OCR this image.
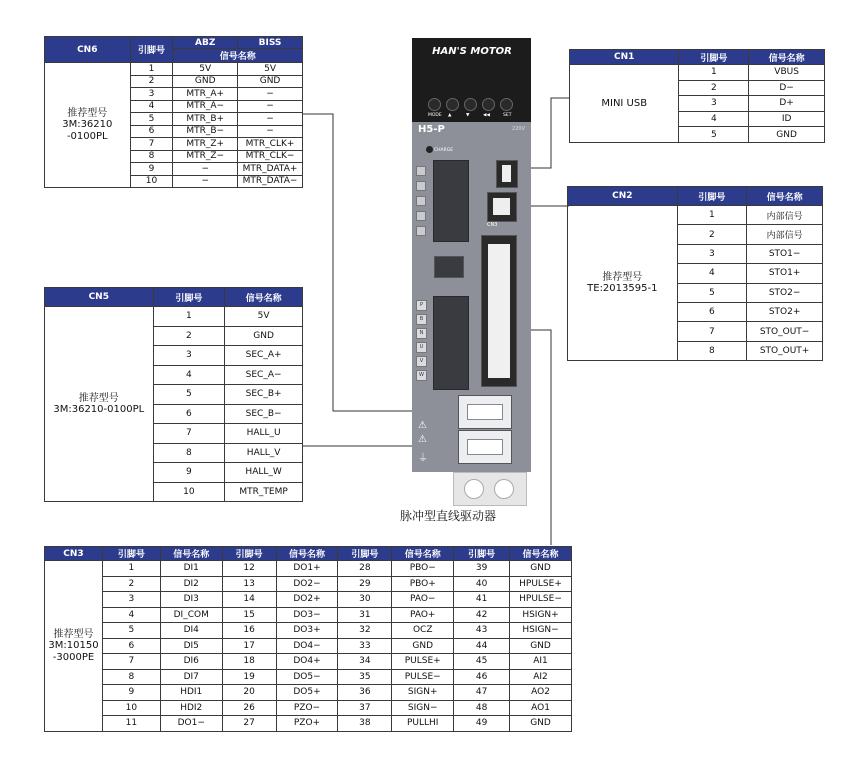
CN6	引脚号	ABZ	BISS
		信号名称	
推荐型号
3M:36210
-0100PL	1	5V	5V
	2	GND	GND
	3	MTR_A+	−
	4	MTR_A−	−
	5	MTR_B+	−
	6	MTR_B−	−
	7	MTR_Z+	MTR_CLK+
	8	MTR_Z−	MTR_CLK−
	9	−	MTR_DATA+
	10	−	MTR_DATA−
CN5	引脚号	信号名称
推荐型号
3M:36210-0100PL	1	5V
	2	GND
	3	SEC_A+
	4	SEC_A−
	5	SEC_B+
	6	SEC_B−
	7	HALL_U
	8	HALL_V
	9	HALL_W
	10	MTR_TEMP
CN1	引脚号	信号名称
MINI USB	1	VBUS
	2	D−
	3	D+
	4	ID
	5	GND
CN2	引脚号	信号名称
推荐型号
TE:2013595-1	1	内部信号
	2	内部信号
	3	STO1−
	4	STO1+
	5	STO2−
	6	STO2+
	7	STO_OUT−
	8	STO_OUT+
CN3	引脚号	信号名称	引脚号	信号名称	引脚号	信号名称	引脚号	信号名称
推荐型号
3M:10150
-3000PE	1	DI1	12	DO1+	28	PBO−	39	GND
	2	DI2	13	DO2−	29	PBO+	40	HPULSE+
	3	DI3	14	DO2+	30	PAO−	41	HPULSE−
	4	DI_COM	15	DO3−	31	PAO+	42	HSIGN+
	5	DI4	16	DO3+	32	OCZ	43	HSIGN−
	6	DI5	17	DO4−	33	GND	44	GND
	7	DI6	18	DO4+	34	PULSE+	45	AI1
	8	DI7	19	DO5−	35	PULSE−	46	AI2
	9	HDI1	20	DO5+	36	SIGN+	47	AO2
	10	HDI2	26	PZO−	37	SIGN−	48	AO1
	11	DO1−	27	PZO+	38	PULLHI	49	GND
HAN'S MOTOR
MODE ▲	▼	◀◀	SET
H5-P	220V
CHARGE
P
B
N
U
V
W
CN3
⚠
⚠
⏚
脉冲型直线驱动器
